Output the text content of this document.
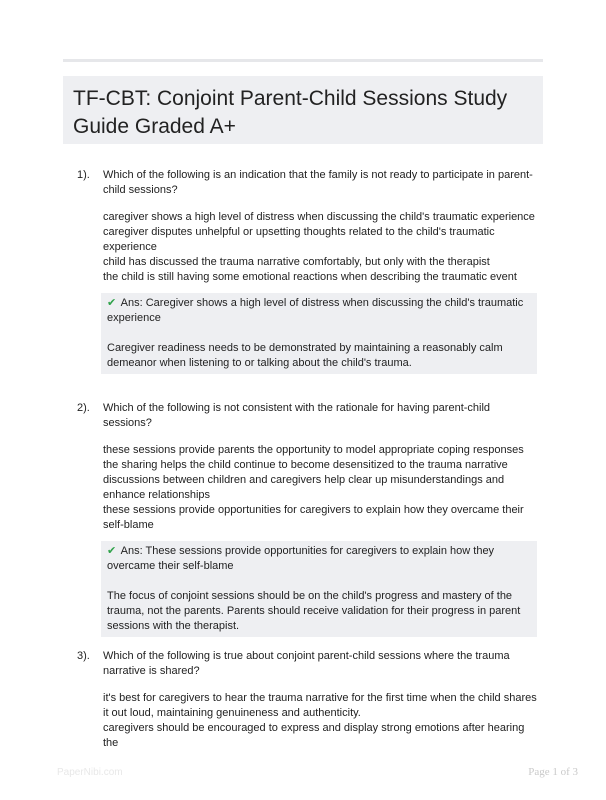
TF-CBT: Conjoint Parent-Child Sessions Study Guide Graded A+
1). Which of the following is an indication that the family is not ready to participate in parent-child sessions?

caregiver shows a high level of distress when discussing the child's traumatic experience

caregiver disputes unhelpful or upsetting thoughts related to the child's traumatic experience

child has discussed the trauma narrative comfortably, but only with the therapist

the child is still having some emotional reactions when describing the traumatic event

✔ Ans: Caregiver shows a high level of distress when discussing the child's traumatic experience

Caregiver readiness needs to be demonstrated by maintaining a reasonably calm demeanor when listening to or talking about the child's trauma.

2). Which of the following is not consistent with the rationale for having parent-child sessions?

these sessions provide parents the opportunity to model appropriate coping responses

the sharing helps the child continue to become desensitized to the trauma narrative

discussions between children and caregivers help clear up misunderstandings and enhance relationships

these sessions provide opportunities for caregivers to explain how they overcame their self-blame

✔ Ans: These sessions provide opportunities for caregivers to explain how they overcame their self-blame

The focus of conjoint sessions should be on the child's progress and mastery of the trauma, not the parents. Parents should receive validation for their progress in parent sessions with the therapist.

3). Which of the following is true about conjoint parent-child sessions where the trauma narrative is shared?

it's best for caregivers to hear the trauma narrative for the first time when the child shares it out loud, maintaining genuineness and authenticity.

caregivers should be encouraged to express and display strong emotions after hearing the

PaperNibi.com	Page 1 of 3
